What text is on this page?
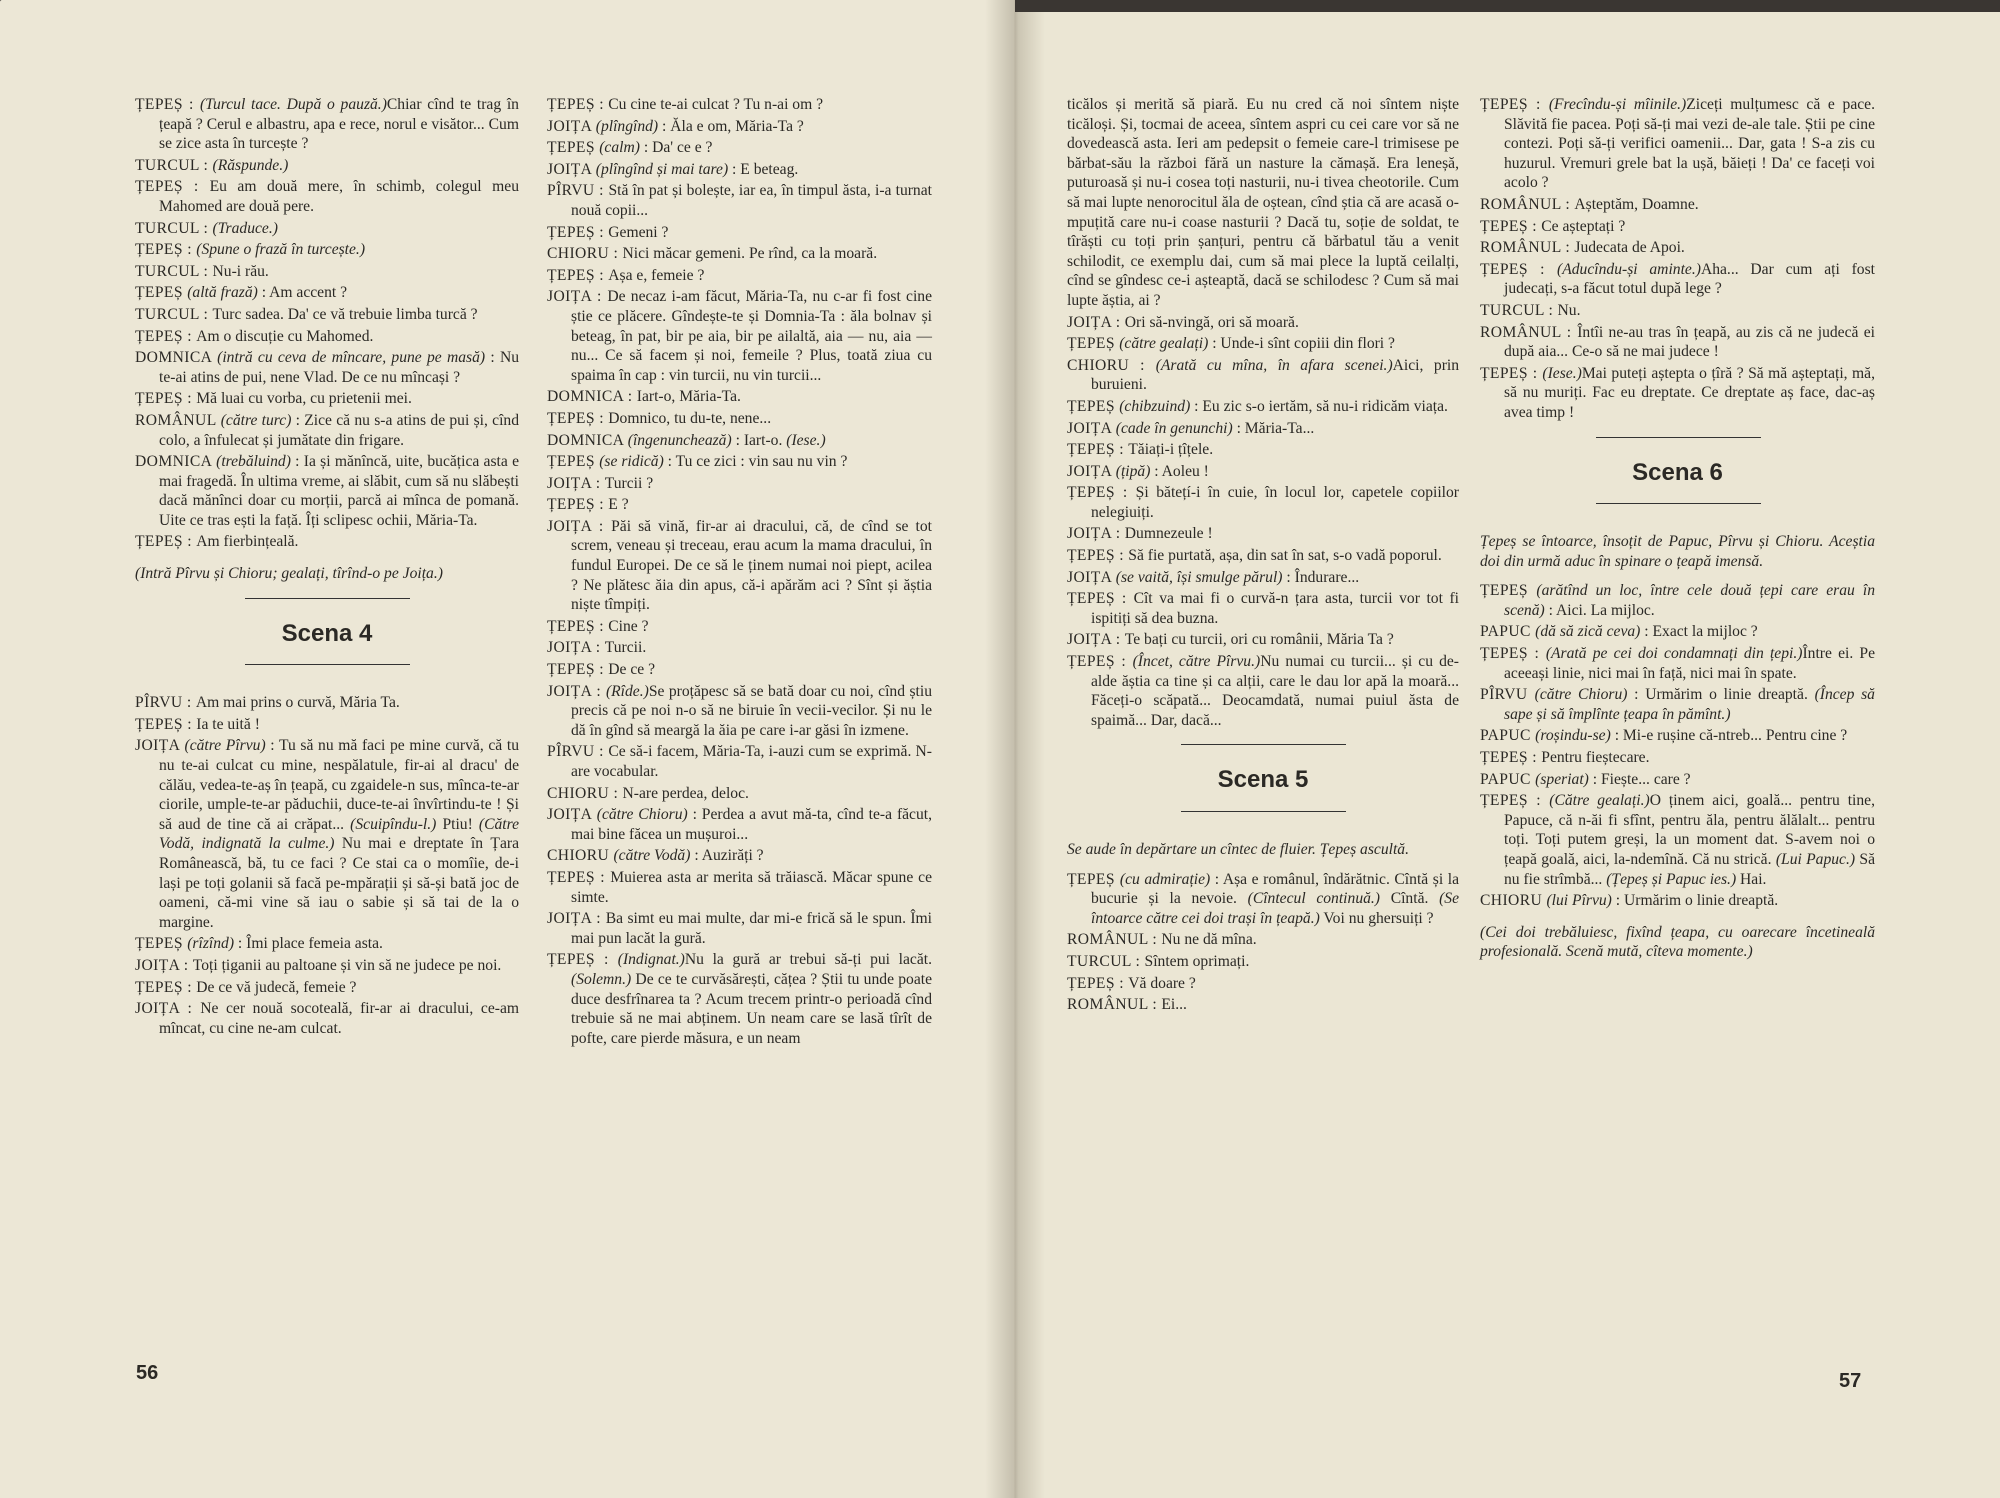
ȚEPEȘ : (Turcul tace. După o pauză.)Chiar cînd te trag în țeapă ? Cerul e albastru, apa e rece, norul e visător... Cum se zice asta în turcește ?

TURCUL : (Răspunde.)

ȚEPEȘ : Eu am două mere, în schimb, colegul meu Mahomed are două pere.

TURCUL : (Traduce.)

ȚEPEȘ : (Spune o frază în turcește.)

TURCUL : Nu-i rău.

ȚEPEȘ (altă frază) : Am accent ?

TURCUL : Turc sadea. Da' ce vă trebuie limba turcă ?

ȚEPEȘ : Am o discuție cu Mahomed.

DOMNICA (intră cu ceva de mîncare, pune pe masă) : Nu te-ai atins de pui, nene Vlad. De ce nu mîncași ?

ȚEPEȘ : Mă luai cu vorba, cu prietenii mei.

ROMÂNUL (către turc) : Zice că nu s-a atins de pui și, cînd colo, a înfulecat și jumătate din frigare.

DOMNICA (trebăluind) : Ia și mănîncă, uite, bucățica asta e mai fragedă. În ultima vreme, ai slăbit, cum să nu slăbești dacă mănînci doar cu morții, parcă ai mînca de pomană. Uite ce tras ești la față. Îți sclipesc ochii, Măria-Ta.

ȚEPEȘ : Am fierbințeală.

(Intră Pîrvu și Chioru; gealați, tîrînd-o pe Joița.)

Scena 4

PÎRVU : Am mai prins o curvă, Măria Ta.

ȚEPEȘ : Ia te uită !

JOIȚA (către Pîrvu) : Tu să nu mă faci pe mine curvă, că tu nu te-ai culcat cu mine, nespălatule, fir-ai al dracu' de călău, vedea-te-aș în țeapă, cu zgaidele-n sus, mînca-te-ar ciorile, umple-te-ar păduchii, duce-te-ai învîrtindu-te ! Și să aud de tine că ai crăpat... (Scuipîndu-l.) Ptiu! (Către Vodă, indignată la culme.) Nu mai e dreptate în Țara Românească, bă, tu ce faci ? Ce stai ca o momîie, de-i lași pe toți golanii să facă pe-mpărații și să-și bată joc de oameni, că-mi vine să iau o sabie și să tai de la o margine.

ȚEPEȘ (rîzînd) : Îmi place femeia asta.

JOIȚA : Toți țiganii au paltoane și vin să ne judece pe noi.

ȚEPEȘ : De ce vă judecă, femeie ?

JOIȚA : Ne cer nouă socoteală, fir-ar ai dracului, ce-am mîncat, cu cine ne-am culcat.

ȚEPEȘ : Cu cine te-ai culcat ? Tu n-ai om ?

JOIȚA (plîngînd) : Ăla e om, Măria-Ta ?

ȚEPEȘ (calm) : Da' ce e ?

JOIȚA (plîngînd și mai tare) : E beteag.

PÎRVU : Stă în pat și bolește, iar ea, în timpul ăsta, i-a turnat nouă copii...

ȚEPEȘ : Gemeni ?

CHIORU : Nici măcar gemeni. Pe rînd, ca la moară.

ȚEPEȘ : Așa e, femeie ?

JOIȚA : De necaz i-am făcut, Măria-Ta, nu c-ar fi fost cine știe ce plăcere. Gîndește-te și Domnia-Ta : ăla bolnav și beteag, în pat, bir pe aia, bir pe ailaltă, aia — nu, aia — nu... Ce să facem și noi, femeile ? Plus, toată ziua cu spaima în cap : vin turcii, nu vin turcii...

DOMNICA : Iart-o, Măria-Ta.

ȚEPEȘ : Domnico, tu du-te, nene...

DOMNICA (îngenunchează) : Iart-o. (Iese.)

ȚEPEȘ (se ridică) : Tu ce zici : vin sau nu vin ?

JOIȚA : Turcii ?

ȚEPEȘ : E ?

JOIȚA : Păi să vină, fir-ar ai dracului, că, de cînd se tot screm, veneau și treceau, erau acum la mama dracului, în fundul Europei. De ce să le ținem numai noi piept, acilea ? Ne plătesc ăia din apus, că-i apărăm aci ? Sînt și ăștia niște tîmpiți.

ȚEPEȘ : Cine ?

JOIȚA : Turcii.

ȚEPEȘ : De ce ?

JOIȚA : (Rîde.)Se proțăpesc să se bată doar cu noi, cînd știu precis că pe noi n-o să ne biruie în vecii-vecilor. Și nu le dă în gînd să meargă la ăia pe care i-ar găsi în izmene.

PÎRVU : Ce să-i facem, Măria-Ta, i-auzi cum se exprimă. N-are vocabular.

CHIORU : N-are perdea, deloc.

JOIȚA (către Chioru) : Perdea a avut mă-ta, cînd te-a făcut, mai bine făcea un mușuroi...

CHIORU (către Vodă) : Auzirăți ?

ȚEPEȘ : Muierea asta ar merita să trăiască. Măcar spune ce simte.

JOIȚA : Ba simt eu mai multe, dar mi-e frică să le spun. Îmi mai pun lacăt la gură.

ȚEPEȘ : (Indignat.)Nu la gură ar trebui să-ți pui lacăt. (Solemn.) De ce te curvăsărești, cățea ? Știi tu unde poate duce desfrînarea ta ? Acum trecem printr-o perioadă cînd trebuie să ne mai abținem. Un neam care se lasă tîrît de pofte, care pierde măsura, e un neam

56

ticălos și merită să piară. Eu nu cred că noi sîntem niște ticăloși. Și, tocmai de aceea, sîntem aspri cu cei care vor să ne dovedească asta. Ieri am pedepsit o femeie care-l trimisese pe bărbat-său la război fără un nasture la cămașă. Era leneșă, puturoasă și nu-i cosea toți nasturii, nu-i tivea cheotorile. Cum să mai lupte nenorocitul ăla de oștean, cînd știa că are acasă o-mpuțită care nu-i coase nasturii ? Dacă tu, soție de soldat, te tîrăști cu toți prin șanțuri, pentru că bărbatul tău a venit schilodit, ce exemplu dai, cum să mai plece la luptă ceilalți, cînd se gîndesc ce-i așteaptă, dacă se schilodesc ? Cum să mai lupte ăștia, ai ?

JOIȚA : Ori să-nvingă, ori să moară.

ȚEPEȘ (către gealați) : Unde-i sînt copiii din flori ?

CHIORU : (Arată cu mîna, în afara scenei.)Aici, prin buruieni.

ȚEPEȘ (chibzuind) : Eu zic s-o iertăm, să nu-i ridicăm viața.

JOIȚA (cade în genunchi) : Măria-Ta...

ȚEPEȘ : Tăiați-i țîțele.

JOIȚA (țipă) : Aoleu !

ȚEPEȘ : Și bătețí-i în cuie, în locul lor, capetele copiilor nelegiuiți.

JOIȚA : Dumnezeule !

ȚEPEȘ : Să fie purtată, așa, din sat în sat, s-o vadă poporul.

JOIȚA (se vaită, își smulge părul) : Îndurare...

ȚEPEȘ : Cît va mai fi o curvă-n țara asta, turcii vor tot fi ispitiți să dea buzna.

JOIȚA : Te bați cu turcii, ori cu românii, Măria Ta ?

ȚEPEȘ : (Încet, către Pîrvu.)Nu numai cu turcii... și cu de-alde ăștia ca tine și ca alții, care le dau lor apă la moară... Făceți-o scăpată... Deocamdată, numai puiul ăsta de spaimă... Dar, dacă...

Scena 5

Se aude în depărtare un cîntec de fluier. Țepeș ascultă.

ȚEPEȘ (cu admirație) : Așa e românul, îndărătnic. Cîntă și la bucurie și la nevoie. (Cîntecul continuă.) Cîntă. (Se întoarce către cei doi trași în țeapă.) Voi nu ghersuiți ?

ROMÂNUL : Nu ne dă mîna.

TURCUL : Sîntem oprimați.

ȚEPEȘ : Vă doare ?

ROMÂNUL : Ei...

ȚEPEȘ : (Frecîndu-și mîinile.)Ziceți mulțumesc că e pace. Slăvită fie pacea. Poți să-ți mai vezi de-ale tale. Știi pe cine contezi. Poți să-ți verifici oamenii... Dar, gata ! S-a zis cu huzurul. Vremuri grele bat la ușă, băieți ! Da' ce faceți voi acolo ?

ROMÂNUL : Așteptăm, Doamne.

ȚEPEȘ : Ce așteptați ?

ROMÂNUL : Judecata de Apoi.

ȚEPEȘ : (Aducîndu-și aminte.)Aha... Dar cum ați fost judecați, s-a făcut totul după lege ?

TURCUL : Nu.

ROMÂNUL : Întîi ne-au tras în țeapă, au zis că ne judecă ei după aia... Ce-o să ne mai judece !

ȚEPEȘ : (Iese.)Mai puteți aștepta o țîră ? Să mă așteptați, mă, să nu muriți. Fac eu dreptate. Ce dreptate aș face, dac-aș avea timp !

Scena 6

Țepeș se întoarce, însoțit de Papuc, Pîrvu și Chioru. Aceștia doi din urmă aduc în spinare o țeapă imensă.

ȚEPEȘ (arătînd un loc, între cele două țepi care erau în scenă) : Aici. La mijloc.

PAPUC (dă să zică ceva) : Exact la mijloc ?

ȚEPEȘ : (Arată pe cei doi condamnați din țepi.)Între ei. Pe aceeași linie, nici mai în față, nici mai în spate.

PÎRVU (către Chioru) : Urmărim o linie dreaptă. (Încep să sape și să împlînte țeapa în pămînt.)

PAPUC (roșindu-se) : Mi-e rușine că-ntreb... Pentru cine ?

ȚEPEȘ : Pentru fieștecare.

PAPUC (speriat) : Fiește... care ?

ȚEPEȘ : (Către gealați.)O ținem aici, goală... pentru tine, Papuce, că n-ăi fi sfînt, pentru ăla, pentru ălălalt... pentru toți. Toți putem greși, la un moment dat. S-avem noi o țeapă goală, aici, la-ndemînă. Că nu strică. (Lui Papuc.) Să nu fie strîmbă... (Țepeș și Papuc ies.) Hai.

CHIORU (lui Pîrvu) : Urmărim o linie dreaptă.

(Cei doi trebăluiesc, fixînd țeapa, cu oarecare încetineală profesională. Scenă mută, cîteva momente.)

57
